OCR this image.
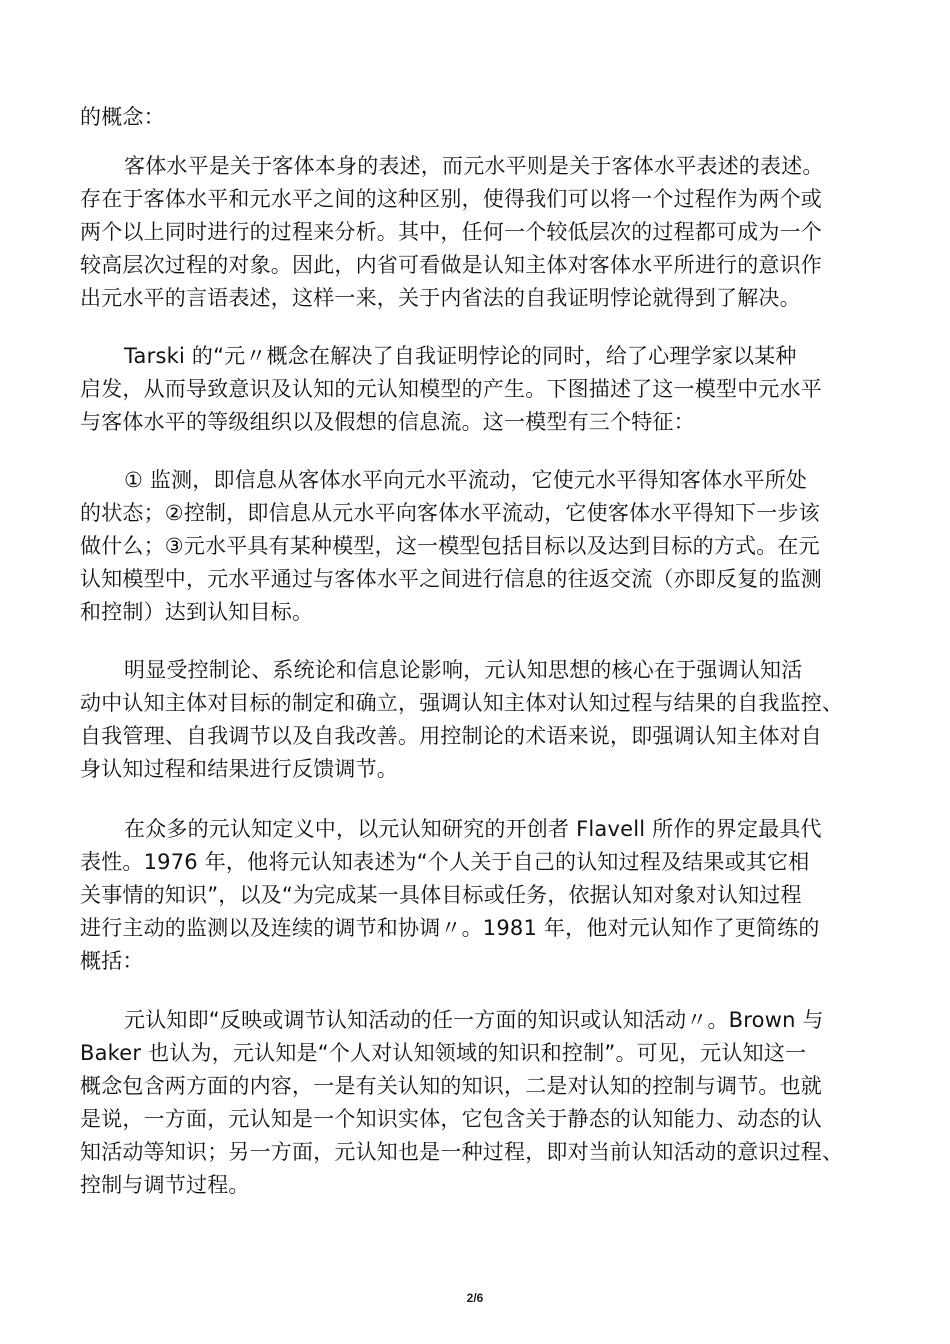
的概念：
客体水平是关于客体本身的表述，而元水平则是关于客体水平表述的表述。
存在于客体水平和元水平之间的这种区别，使得我们可以将一个过程作为两个或
两个以上同时进行的过程来分析。其中，任何一个较低层次的过程都可成为一个
较高层次过程的对象。因此，内省可看做是认知主体对客体水平所进行的意识作
出元水平的言语表述，这样一来，关于内省法的自我证明悖论就得到了解决。
Tarski 的“元〃概念在解决了自我证明悖论的同时，给了心理学家以某种
启发，从而导致意识及认知的元认知模型的产生。下图描述了这一模型中元水平
与客体水平的等级组织以及假想的信息流。这一模型有三个特征：
① 监测，即信息从客体水平向元水平流动，它使元水平得知客体水平所处
的状态；②控制，即信息从元水平向客体水平流动，它使客体水平得知下一步该
做什么；③元水平具有某种模型，这一模型包括目标以及达到目标的方式。在元
认知模型中，元水平通过与客体水平之间进行信息的往返交流（亦即反复的监测
和控制）达到认知目标。
明显受控制论、系统论和信息论影响，元认知思想的核心在于强调认知活
动中认知主体对目标的制定和确立，强调认知主体对认知过程与结果的自我监控、
自我管理、自我调节以及自我改善。用控制论的术语来说，即强调认知主体对自
身认知过程和结果进行反馈调节。
在众多的元认知定义中，以元认知研究的开创者 Flavell 所作的界定最具代
表性。1976 年，他将元认知表述为“个人关于自己的认知过程及结果或其它相
关事情的知识”，以及“为完成某一具体目标或任务，依据认知对象对认知过程
进行主动的监测以及连续的调节和协调〃。1981 年，他对元认知作了更简练的
概括：
元认知即“反映或调节认知活动的任一方面的知识或认知活动〃。Brown 与
Baker 也认为，元认知是“个人对认知领域的知识和控制”。可见，元认知这一
概念包含两方面的内容，一是有关认知的知识，二是对认知的控制与调节。也就
是说，一方面，元认知是一个知识实体，它包含关于静态的认知能力、动态的认
知活动等知识；另一方面，元认知也是一种过程，即对当前认知活动的意识过程、
控制与调节过程。
2/6
